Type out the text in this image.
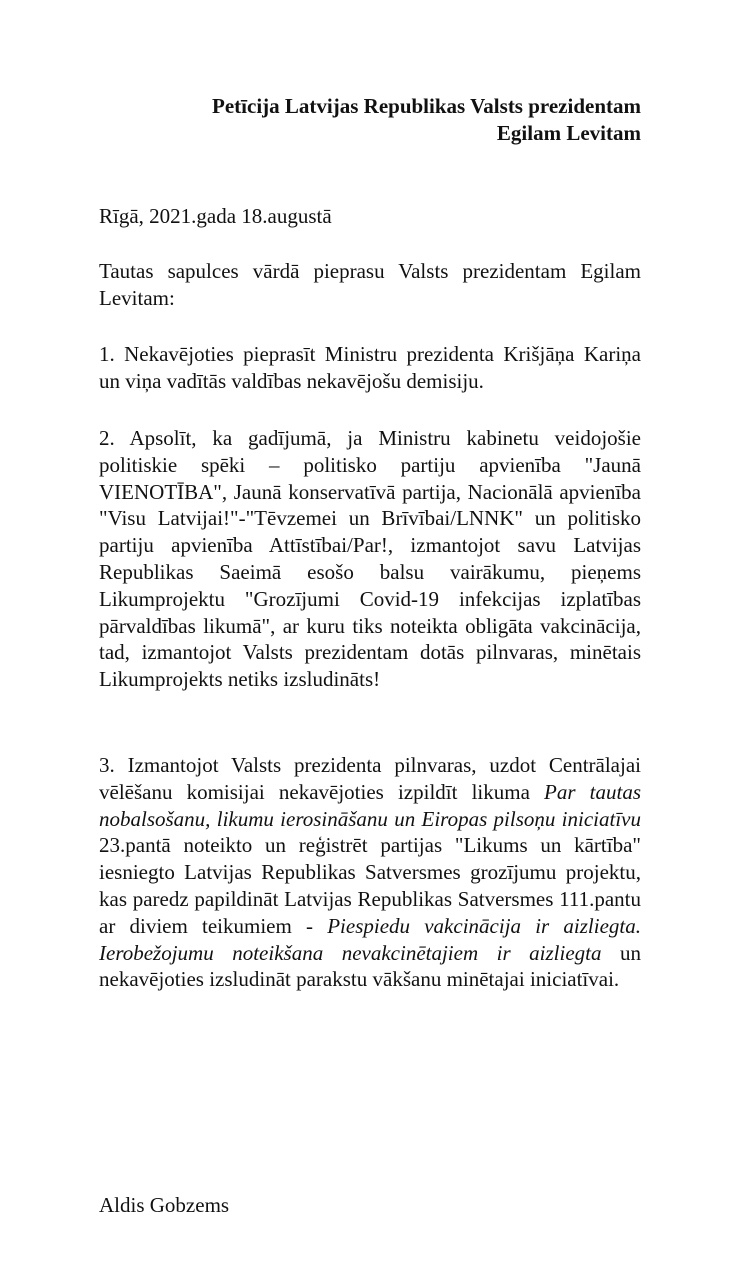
Petīcija Latvijas Republikas Valsts prezidentam
Egilam Levitam
Rīgā, 2021.gada 18.augustā
Tautas sapulces vārdā pieprasu Valsts prezidentam Egilam Levitam:
1. Nekavējoties pieprasīt Ministru prezidenta Krišjāņa Kariņa un viņa vadītās valdības nekavējošu demisiju.
2. Apsolīt, ka gadījumā, ja Ministru kabinetu veidojošie politiskie spēki – politisko partiju apvienība "Jaunā VIENOTĪBA", Jaunā konservatīvā partija, Nacionālā apvienība "Visu Latvijai!"-"Tēvzemei un Brīvībai/LNNK" un politisko partiju apvienība Attīstībai/Par!, izmantojot savu Latvijas Republikas Saeimā esošo balsu vairākumu, pieņems Likumprojektu "Grozījumi Covid-19 infekcijas izplatības pārvaldības likumā", ar kuru tiks noteikta obligāta vakcinācija, tad, izmantojot Valsts prezidentam dotās pilnvaras, minētais Likumprojekts netiks izsludināts!
3. Izmantojot Valsts prezidenta pilnvaras, uzdot Centrālajai vēlēšanu komisijai nekavējoties izpildīt likuma Par tautas nobalsošanu, likumu ierosināšanu un Eiropas pilsoņu iniciatīvu 23.pantā noteikto un reģistrēt partijas "Likums un kārtība" iesniegto Latvijas Republikas Satversmes grozījumu projektu, kas paredz papildināt Latvijas Republikas Satversmes 111.pantu ar diviem teikumiem - Piespiedu vakcinācija ir aizliegta. Ierobežojumu noteikšana nevakcinētajiem ir aizliegta un nekavējoties izsludināt parakstu vākšanu minētajai iniciatīvai.
Aldis Gobzems
